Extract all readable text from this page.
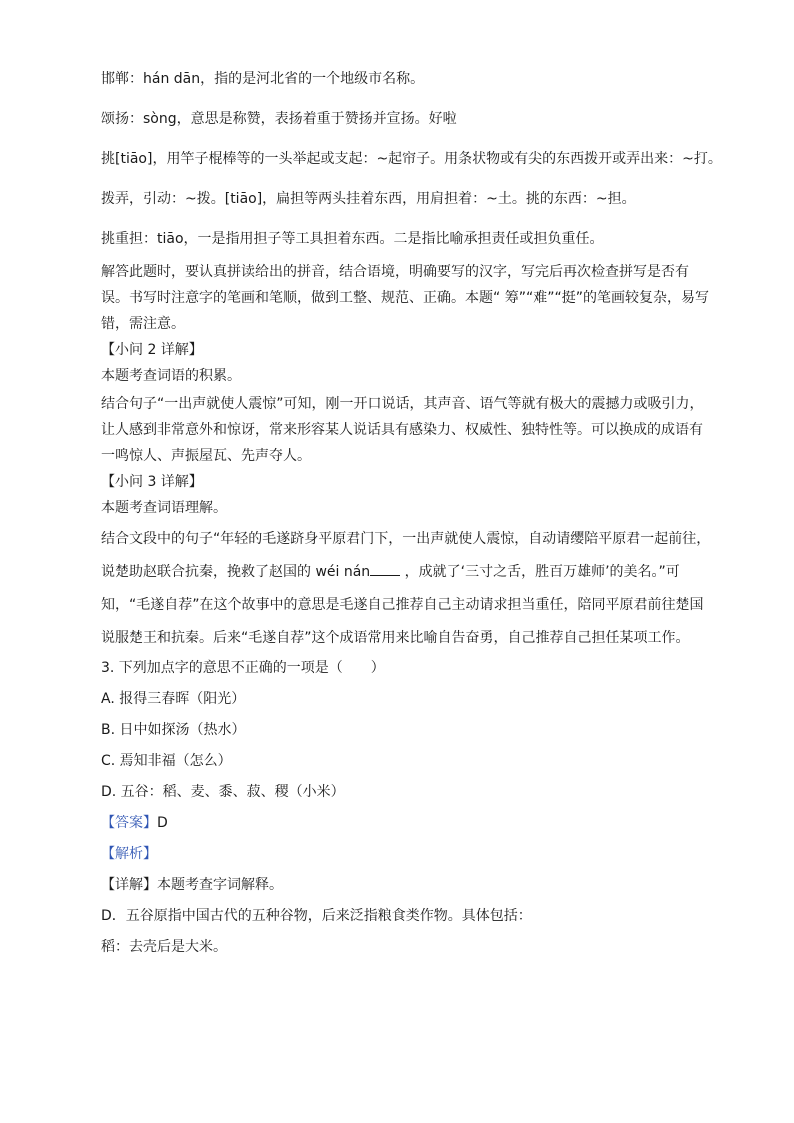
邯郸：hán dān，指的是河北省的一个地级市名称。

颂扬：sòng，意思是称赞，表扬着重于赞扬并宣扬。好啦

挑[tiāo]，用竿子棍棒等的一头举起或支起：~起帘子。用条状物或有尖的东西拨开或弄出来：~打。

拨弄，引动：~拨。[tiāo]，扁担等两头挂着东西，用肩担着：~土。挑的东西：~担。

挑重担：tiāo，一是指用担子等工具担着东西。二是指比喻承担责任或担负重任。

解答此题时，要认真拼读给出的拼音，结合语境，明确要写的汉字，写完后再次检查拼写是否有误。书写时注意字的笔画和笔顺，做到工整、规范、正确。本题“ 筹”“难”“挺”的笔画较复杂，易写错，需注意。

【小问 2 详解】

本题考查词语的积累。

结合句子“一出声就使人震惊”可知，刚一开口说话，其声音、语气等就有极大的震撼力或吸引力，让人感到非常意外和惊讶，常来形容某人说话具有感染力、权威性、独特性等。可以换成的成语有一鸣惊人、声振屋瓦、先声夺人。

【小问 3 详解】

本题考查词语理解。

结合文段中的句子“年轻的毛遂跻身平原君门下，一出声就使人震惊，自动请缨陪平原君一起前往，说楚助赵联合抗秦，挽救了赵国的 wéi nán ，成就了‘三寸之舌，胜百万雄师’的美名。”可知，“毛遂自荐”在这个故事中的意思是毛遂自己推荐自己主动请求担当重任，陪同平原君前往楚国说服楚王和抗秦。后来“毛遂自荐”这个成语常用来比喻自告奋勇，自己推荐自己担任某项工作。

3. 下列加点字的意思不正确的一项是（　　）

A. 报得三春晖（阳光）

B. 日中如探汤（热水）

C. 焉知非福（怎么）

D. 五谷：稻、麦、黍、菽、稷（小米）

【答案】D

【解析】

【详解】本题考查字词解释。

D．五谷原指中国古代的五种谷物，后来泛指粮食类作物。具体包括：

稻：去壳后是大米。
